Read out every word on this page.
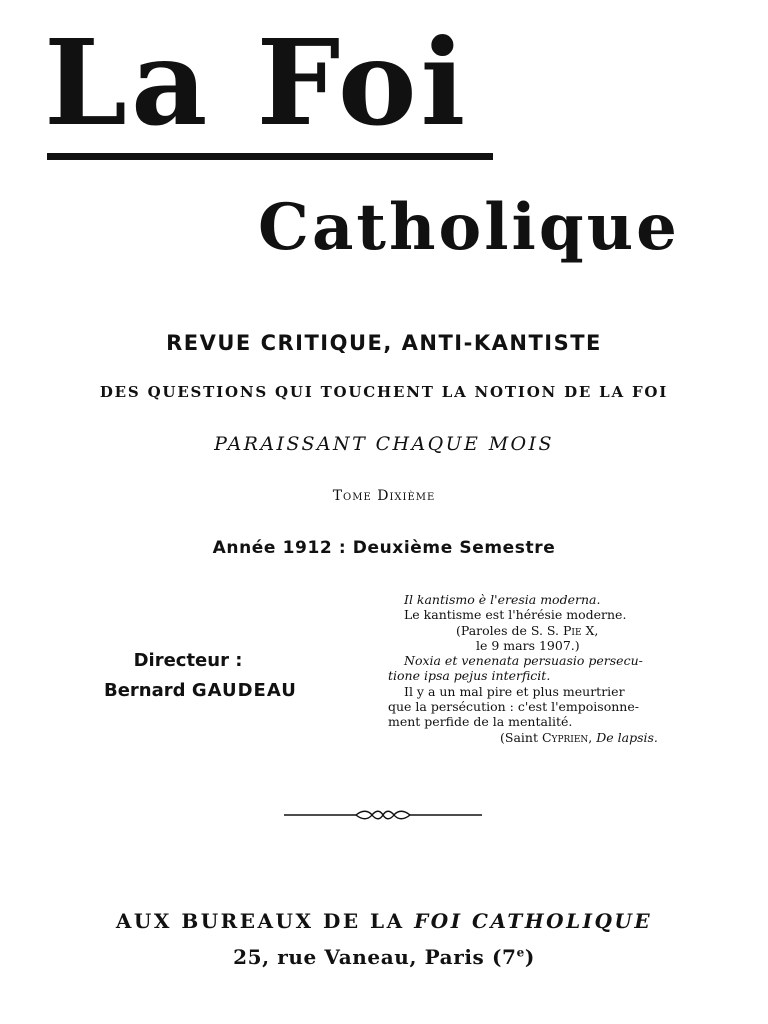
La Foi
Catholique
REVUE CRITIQUE, ANTI-KANTISTE
DES QUESTIONS QUI TOUCHENT LA NOTION DE LA FOI
PARAISSANT CHAQUE MOIS
Tome Dixième
Année 1912 : Deuxième Semestre
Directeur :
Bernard GAUDEAU
Il kantismo è l'eresia moderna.
Le kantisme est l'hérésie moderne.
(Paroles de S. S. Pie X,
le 9 mars 1907.)
Noxia et venenata persuasio persecu-
tione ipsa pejus interficit.
Il y a un mal pire et plus meurtrier
que la persécution : c'est l'empoisonne-
ment perfide de la mentalité.
(Saint Cyprien, De lapsis.
AUX BUREAUX DE LA FOI CATHOLIQUE
25, rue Vaneau, Paris (7e)
